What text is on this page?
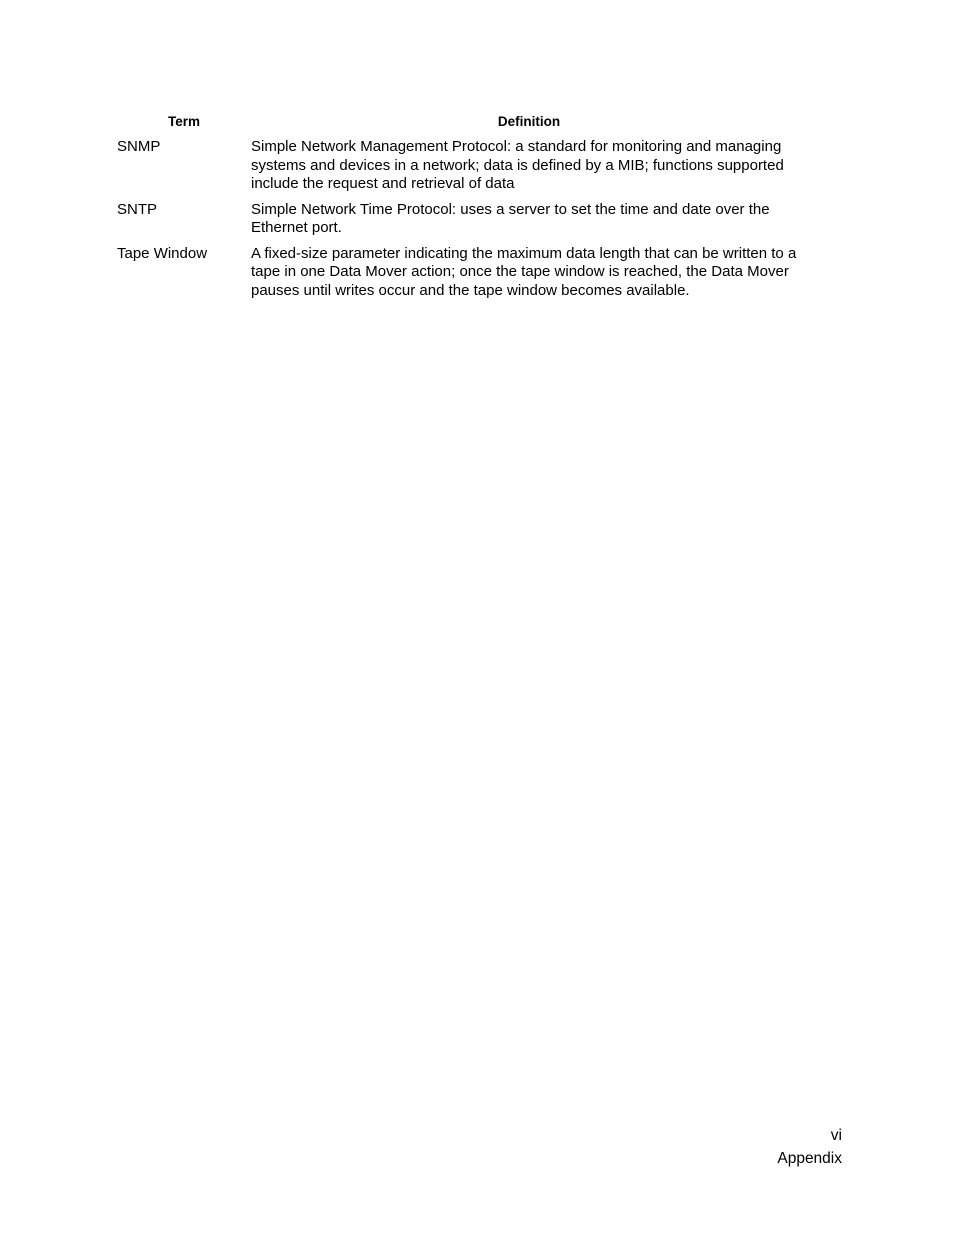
Term	Definition
SNMP	Simple Network Management Protocol: a standard for monitoring and managing systems and devices in a network; data is defined by a MIB; functions supported include the request and retrieval of data
SNTP	Simple Network Time Protocol: uses a server to set the time and date over the Ethernet port.
Tape Window	A fixed-size parameter indicating the maximum data length that can be written to a tape in one Data Mover action; once the tape window is reached, the Data Mover pauses until writes occur and the tape window becomes available.
vi
Appendix
